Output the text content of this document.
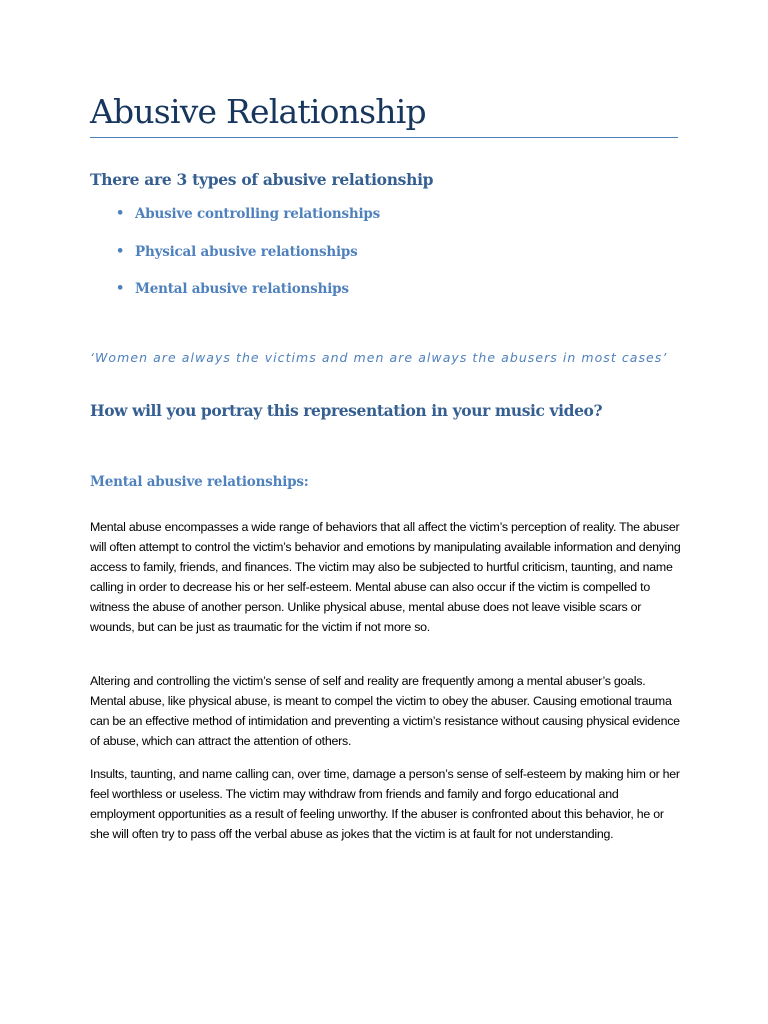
Abusive Relationship
There are 3 types of abusive relationship
• Abusive controlling relationships
• Physical abusive relationships
• Mental abusive relationships

‘Women are always the victims and men are always the abusers in most cases’

How will you portray this representation in your music video?
Mental abusive relationships:

Mental abuse encompasses a wide range of behaviors that all affect the victim’s perception of reality. The abuser will often attempt to control the victim’s behavior and emotions by manipulating available information and denying access to family, friends, and finances. The victim may also be subjected to hurtful criticism, taunting, and name calling in order to decrease his or her self-esteem. Mental abuse can also occur if the victim is compelled to witness the abuse of another person. Unlike physical abuse, mental abuse does not leave visible scars or wounds, but can be just as traumatic for the victim if not more so.

Altering and controlling the victim’s sense of self and reality are frequently among a mental abuser’s goals. Mental abuse, like physical abuse, is meant to compel the victim to obey the abuser. Causing emotional trauma can be an effective method of intimidation and preventing a victim’s resistance without causing physical evidence of abuse, which can attract the attention of others.

Insults, taunting, and name calling can, over time, damage a person’s sense of self-esteem by making him or her feel worthless or useless. The victim may withdraw from friends and family and forgo educational and employment opportunities as a result of feeling unworthy. If the abuser is confronted about this behavior, he or she will often try to pass off the verbal abuse as jokes that the victim is at fault for not understanding.
